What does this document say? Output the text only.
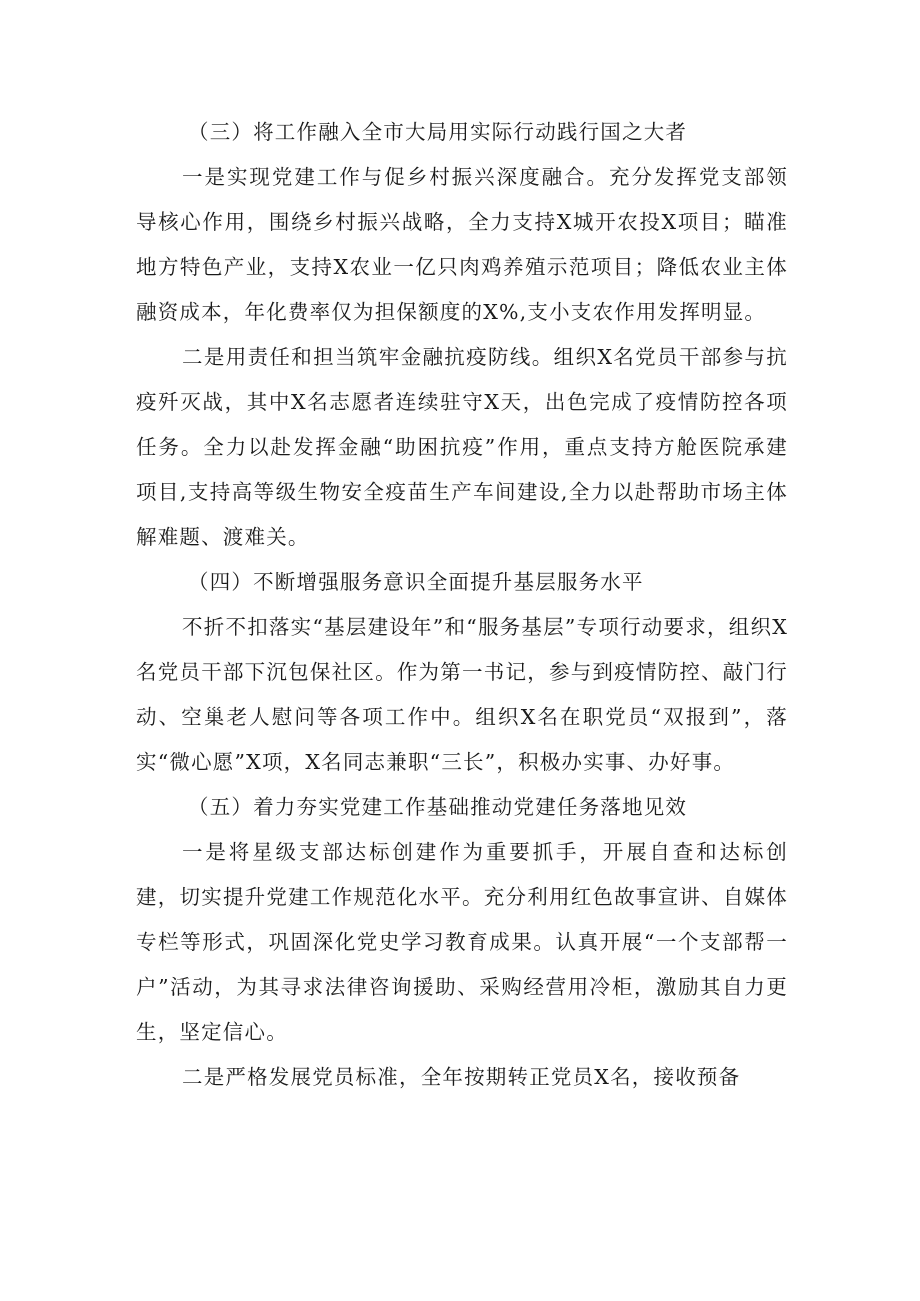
（三）将工作融入全市大局用实际行动践行国之大者

一是实现党建工作与促乡村振兴深度融合。充分发挥党支部领导核心作用，围绕乡村振兴战略，全力支持X城开农投X项目；瞄准地方特色产业，支持X农业一亿只肉鸡养殖示范项目；降低农业主体融资成本，年化费率仅为担保额度的X%,支小支农作用发挥明显。

二是用责任和担当筑牢金融抗疫防线。组织X名党员干部参与抗疫歼灭战，其中X名志愿者连续驻守X天，出色完成了疫情防控各项任务。全力以赴发挥金融“助困抗疫”作用，重点支持方舱医院承建项目,支持高等级生物安全疫苗生产车间建设,全力以赴帮助市场主体解难题、渡难关。

（四）不断增强服务意识全面提升基层服务水平

不折不扣落实“基层建设年”和“服务基层”专项行动要求，组织X名党员干部下沉包保社区。作为第一书记，参与到疫情防控、敲门行动、空巢老人慰问等各项工作中。组织X名在职党员“双报到”，落实“微心愿”X项，X名同志兼职“三长”，积极办实事、办好事。

（五）着力夯实党建工作基础推动党建任务落地见效

一是将星级支部达标创建作为重要抓手，开展自查和达标创建，切实提升党建工作规范化水平。充分利用红色故事宣讲、自媒体专栏等形式，巩固深化党史学习教育成果。认真开展“一个支部帮一户”活动，为其寻求法律咨询援助、采购经营用冷柜，激励其自力更生，坚定信心。

二是严格发展党员标准，全年按期转正党员X名，接收预备
